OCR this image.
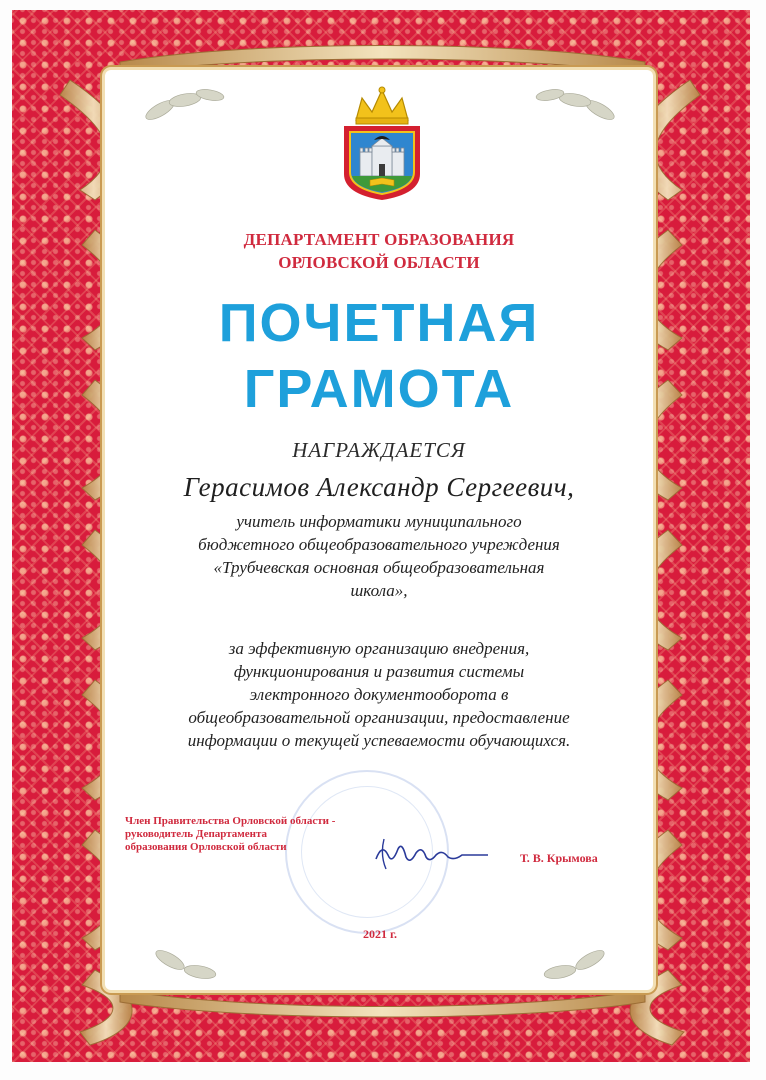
ДЕПАРТАМЕНТ ОБРАЗОВАНИЯ
ОРЛОВСКОЙ ОБЛАСТИ
ПОЧЕТНАЯ
ГРАМОТА
НАГРАЖДАЕТСЯ
Герасимов Александр Сергеевич,
учитель информатики муниципального
бюджетного общеобразовательного учреждения
«Трубчевская основная общеобразовательная
школа»,
за эффективную организацию внедрения,
функционирования и развития системы
электронного документооборота в
общеобразовательной организации, предоставление
информации о текущей успеваемости обучающихся.
Член Правительства Орловской области -
руководитель Департамента
образования Орловской области
Т. В. Крымова
2021 г.
